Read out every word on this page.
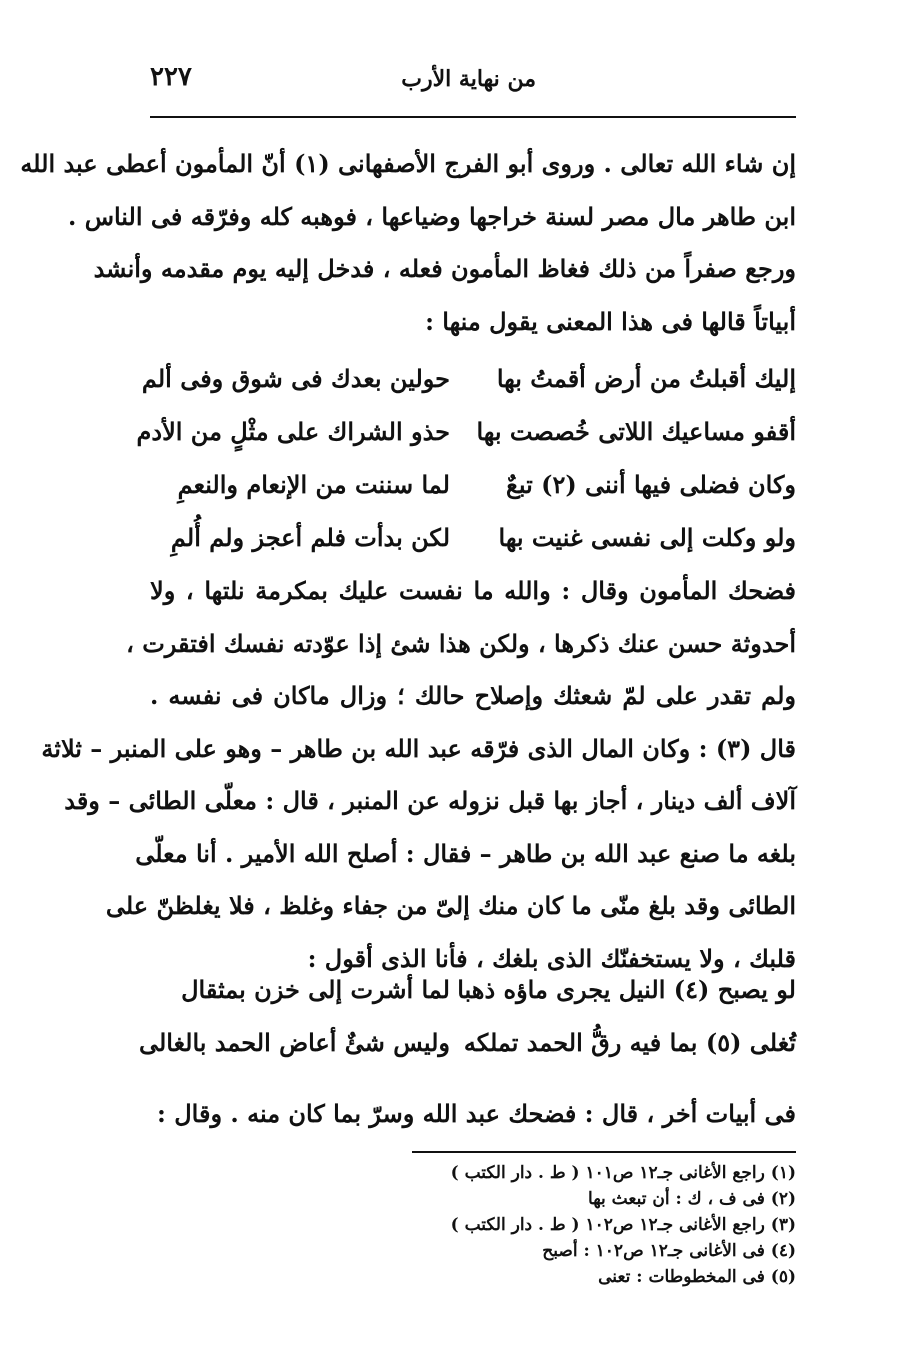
٢٢٧	من نهاية الأرب
إن شاء الله تعالى . وروى أبو الفرج الأصفهانى (١) أنّ المأمون أعطى عبد الله
ابن طاهر مال مصر لسنة خراجها وضياعها ، فوهبه كله وفرّقه فى الناس .
ورجع صفراً من ذلك فغاظ المأمون فعله ، فدخل إليه يوم مقدمه وأنشد
أبياتاً قالها فى هذا المعنى يقول منها :
إليك أقبلتُ من أرض أقمتُ بها
حولين بعدك فى شوق وفى ألم
أقفو مساعيك اللاتى خُصصت بها
حذو الشراك على مثْلٍ من الأدم
وكان فضلى فيها أننى (٢) تبعٌ
لما سننت من الإنعام والنعمِ
ولو وكلت إلى نفسى غنيت بها
لكن بدأت فلم أعجز ولم أُلمِ
فضحك المأمون وقال : والله ما نفست عليك بمكرمة نلتها ، ولا
أحدوثة حسن عنك ذكرها ، ولكن هذا شئ إذا عوّدته نفسك افتقرت ،
ولم تقدر على لمّ شعثك وإصلاح حالك ؛ وزال ماكان فى نفسه .
قال (٣) : وكان المال الذى فرّقه عبد الله بن طاهر – وهو على المنبر – ثلاثة
آلاف ألف دينار ، أجاز بها قبل نزوله عن المنبر ، قال : معلّى الطائى – وقد
بلغه ما صنع عبد الله بن طاهر – فقال : أصلح الله الأمير . أنا معلّى
الطائى وقد بلغ منّى ما كان منك إلىّ من جفاء وغلظ ، فلا يغلظنّ على
قلبك ، ولا يستخفنّك الذى بلغك ، فأنا الذى أقول :
لو يصبح (٤) النيل يجرى ماؤه ذهبا
لما أشرت إلى خزن بمثقال
تُغلى (٥) بما فيه رقُّ الحمد تملكه
وليس شئٌ أعاض الحمد بالغالى
فى أبيات أخر ، قال : فضحك عبد الله وسرّ بما كان منه . وقال :
(١) راجع الأغانى جـ١٢ ص١٠١ ( ط . دار الكتب )
(٢) فى ف ، ك : أن تبعث بها
(٣) راجع الأغانى جـ١٢ ص١٠٢ ( ط . دار الكتب )
(٤) فى الأغانى جـ١٢ ص١٠٢ : أصبح
(٥) فى المخطوطات : تعنى
